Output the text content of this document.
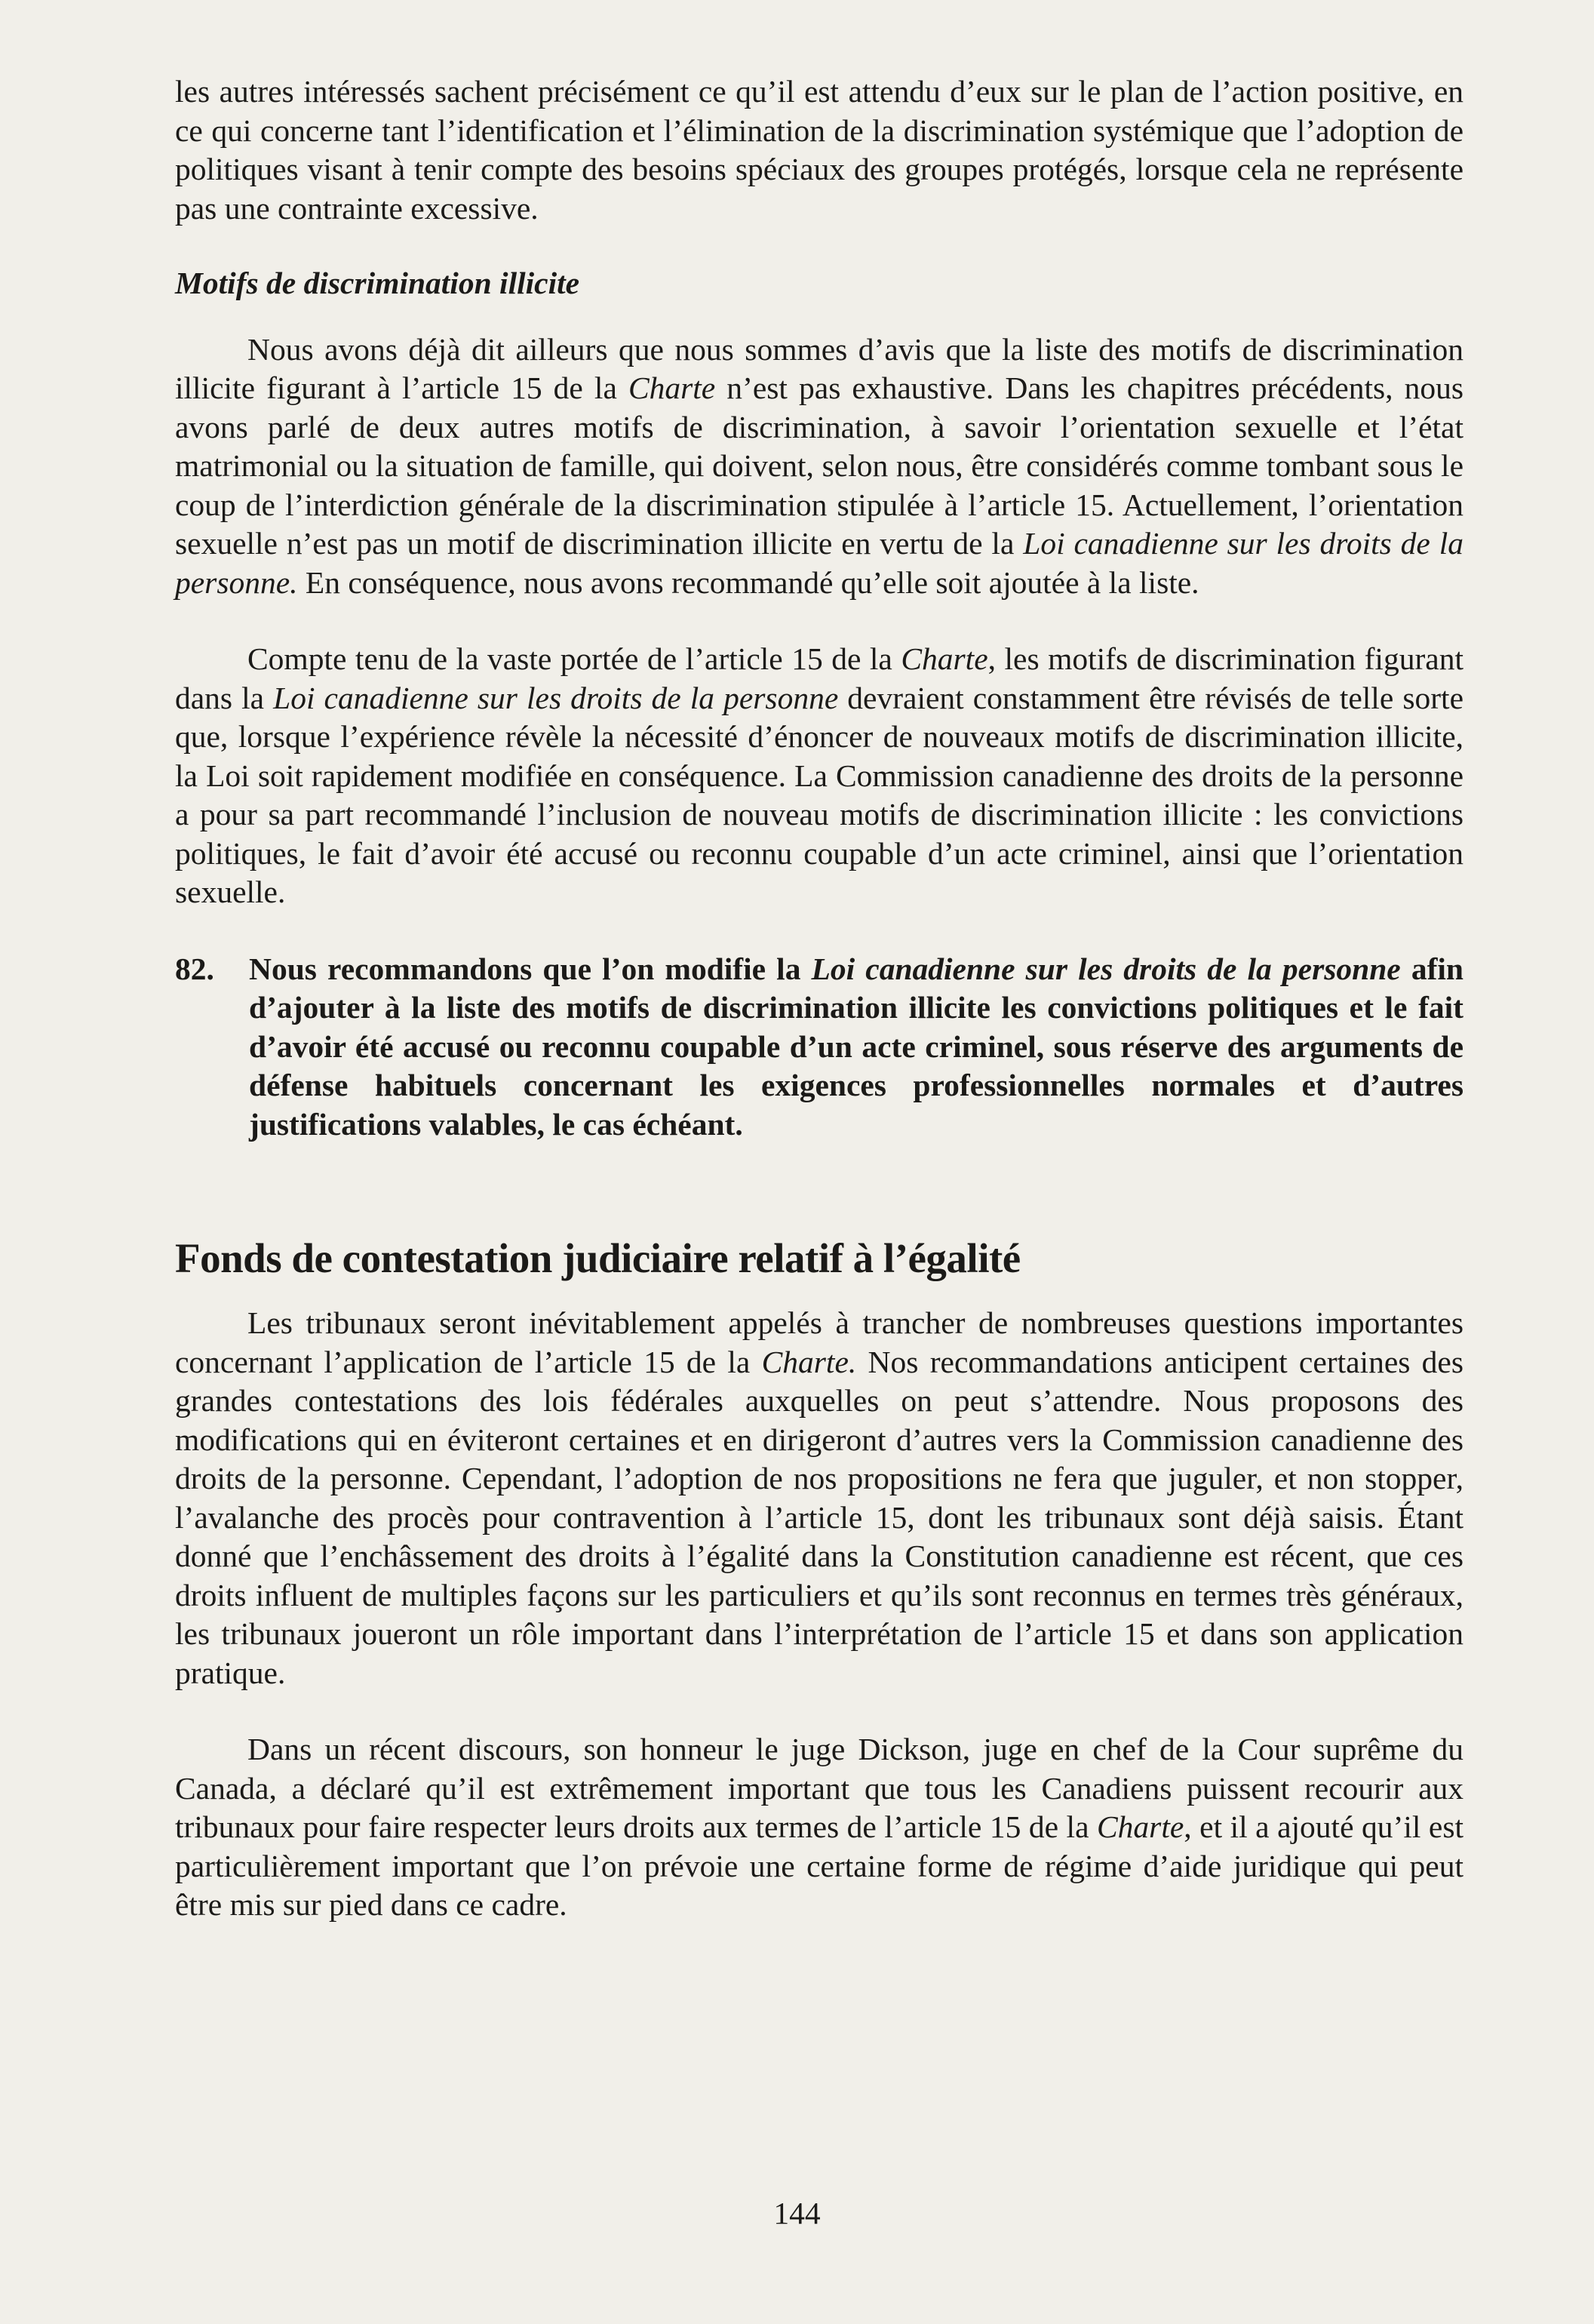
les autres intéressés sachent précisément ce qu’il est attendu d’eux sur le plan de l’action positive, en ce qui concerne tant l’identification et l’élimination de la discrimination systémique que l’adoption de politiques visant à tenir compte des besoins spéciaux des groupes protégés, lorsque cela ne représente pas une contrainte excessive.

Motifs de discrimination illicite

Nous avons déjà dit ailleurs que nous sommes d’avis que la liste des motifs de discrimination illicite figurant à l’article 15 de la Charte n’est pas exhaustive. Dans les chapitres précédents, nous avons parlé de deux autres motifs de discrimination, à savoir l’orientation sexuelle et l’état matrimonial ou la situation de famille, qui doivent, selon nous, être considérés comme tombant sous le coup de l’interdiction générale de la discrimination stipulée à l’article 15. Actuellement, l’orientation sexuelle n’est pas un motif de discrimination illicite en vertu de la Loi canadienne sur les droits de la personne. En conséquence, nous avons recommandé qu’elle soit ajoutée à la liste.

Compte tenu de la vaste portée de l’article 15 de la Charte, les motifs de discrimination figurant dans la Loi canadienne sur les droits de la personne devraient constamment être révisés de telle sorte que, lorsque l’expérience révèle la nécessité d’énoncer de nouveaux motifs de discrimination illicite, la Loi soit rapidement modifiée en conséquence. La Commission canadienne des droits de la personne a pour sa part recommandé l’inclusion de nouveau motifs de discrimination illicite : les convictions politiques, le fait d’avoir été accusé ou reconnu coupable d’un acte criminel, ainsi que l’orientation sexuelle.

82.	Nous recommandons que l’on modifie la Loi canadienne sur les droits de la personne afin d’ajouter à la liste des motifs de discrimination illicite les convictions politiques et le fait d’avoir été accusé ou reconnu coupable d’un acte criminel, sous réserve des arguments de défense habituels concernant les exigences professionnelles normales et d’autres justifications valables, le cas échéant.
Fonds de contestation judiciaire relatif à l’égalité

Les tribunaux seront inévitablement appelés à trancher de nombreuses questions importantes concernant l’application de l’article 15 de la Charte. Nos recommandations anticipent certaines des grandes contestations des lois fédérales auxquelles on peut s’attendre. Nous proposons des modifications qui en éviteront certaines et en dirigeront d’autres vers la Commission canadienne des droits de la personne. Cependant, l’adoption de nos propositions ne fera que juguler, et non stopper, l’avalanche des procès pour contravention à l’article 15, dont les tribunaux sont déjà saisis. Étant donné que l’enchâssement des droits à l’égalité dans la Constitution canadienne est récent, que ces droits influent de multiples façons sur les particuliers et qu’ils sont reconnus en termes très généraux, les tribunaux joueront un rôle important dans l’interprétation de l’article 15 et dans son application pratique.

Dans un récent discours, son honneur le juge Dickson, juge en chef de la Cour suprême du Canada, a déclaré qu’il est extrêmement important que tous les Canadiens puissent recourir aux tribunaux pour faire respecter leurs droits aux termes de l’article 15 de la Charte, et il a ajouté qu’il est particulièrement important que l’on prévoie une certaine forme de régime d’aide juridique qui peut être mis sur pied dans ce cadre.

144
